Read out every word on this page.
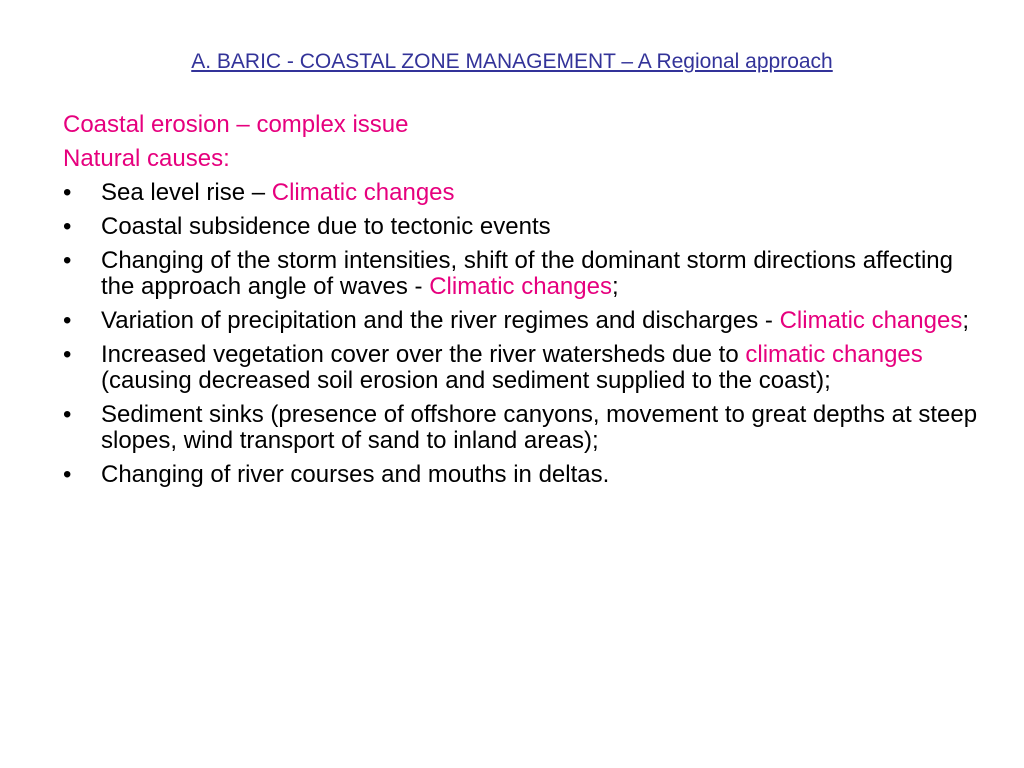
A. BARIC - COASTAL ZONE MANAGEMENT – A Regional approach
Coastal erosion – complex issue
Natural causes:
•	Sea level rise – Climatic changes
•	Coastal subsidence due to tectonic events
•	Changing of the storm intensities, shift of the dominant storm directions affecting the approach angle of waves - Climatic changes;
•	Variation of precipitation and the river regimes and discharges - Climatic changes;
•	Increased vegetation cover over the river watersheds due to climatic changes (causing decreased soil erosion and sediment supplied to the coast);
•	Sediment sinks (presence of offshore canyons, movement to great depths at steep slopes, wind transport of sand to inland areas);
•	Changing of river courses and mouths in deltas.
